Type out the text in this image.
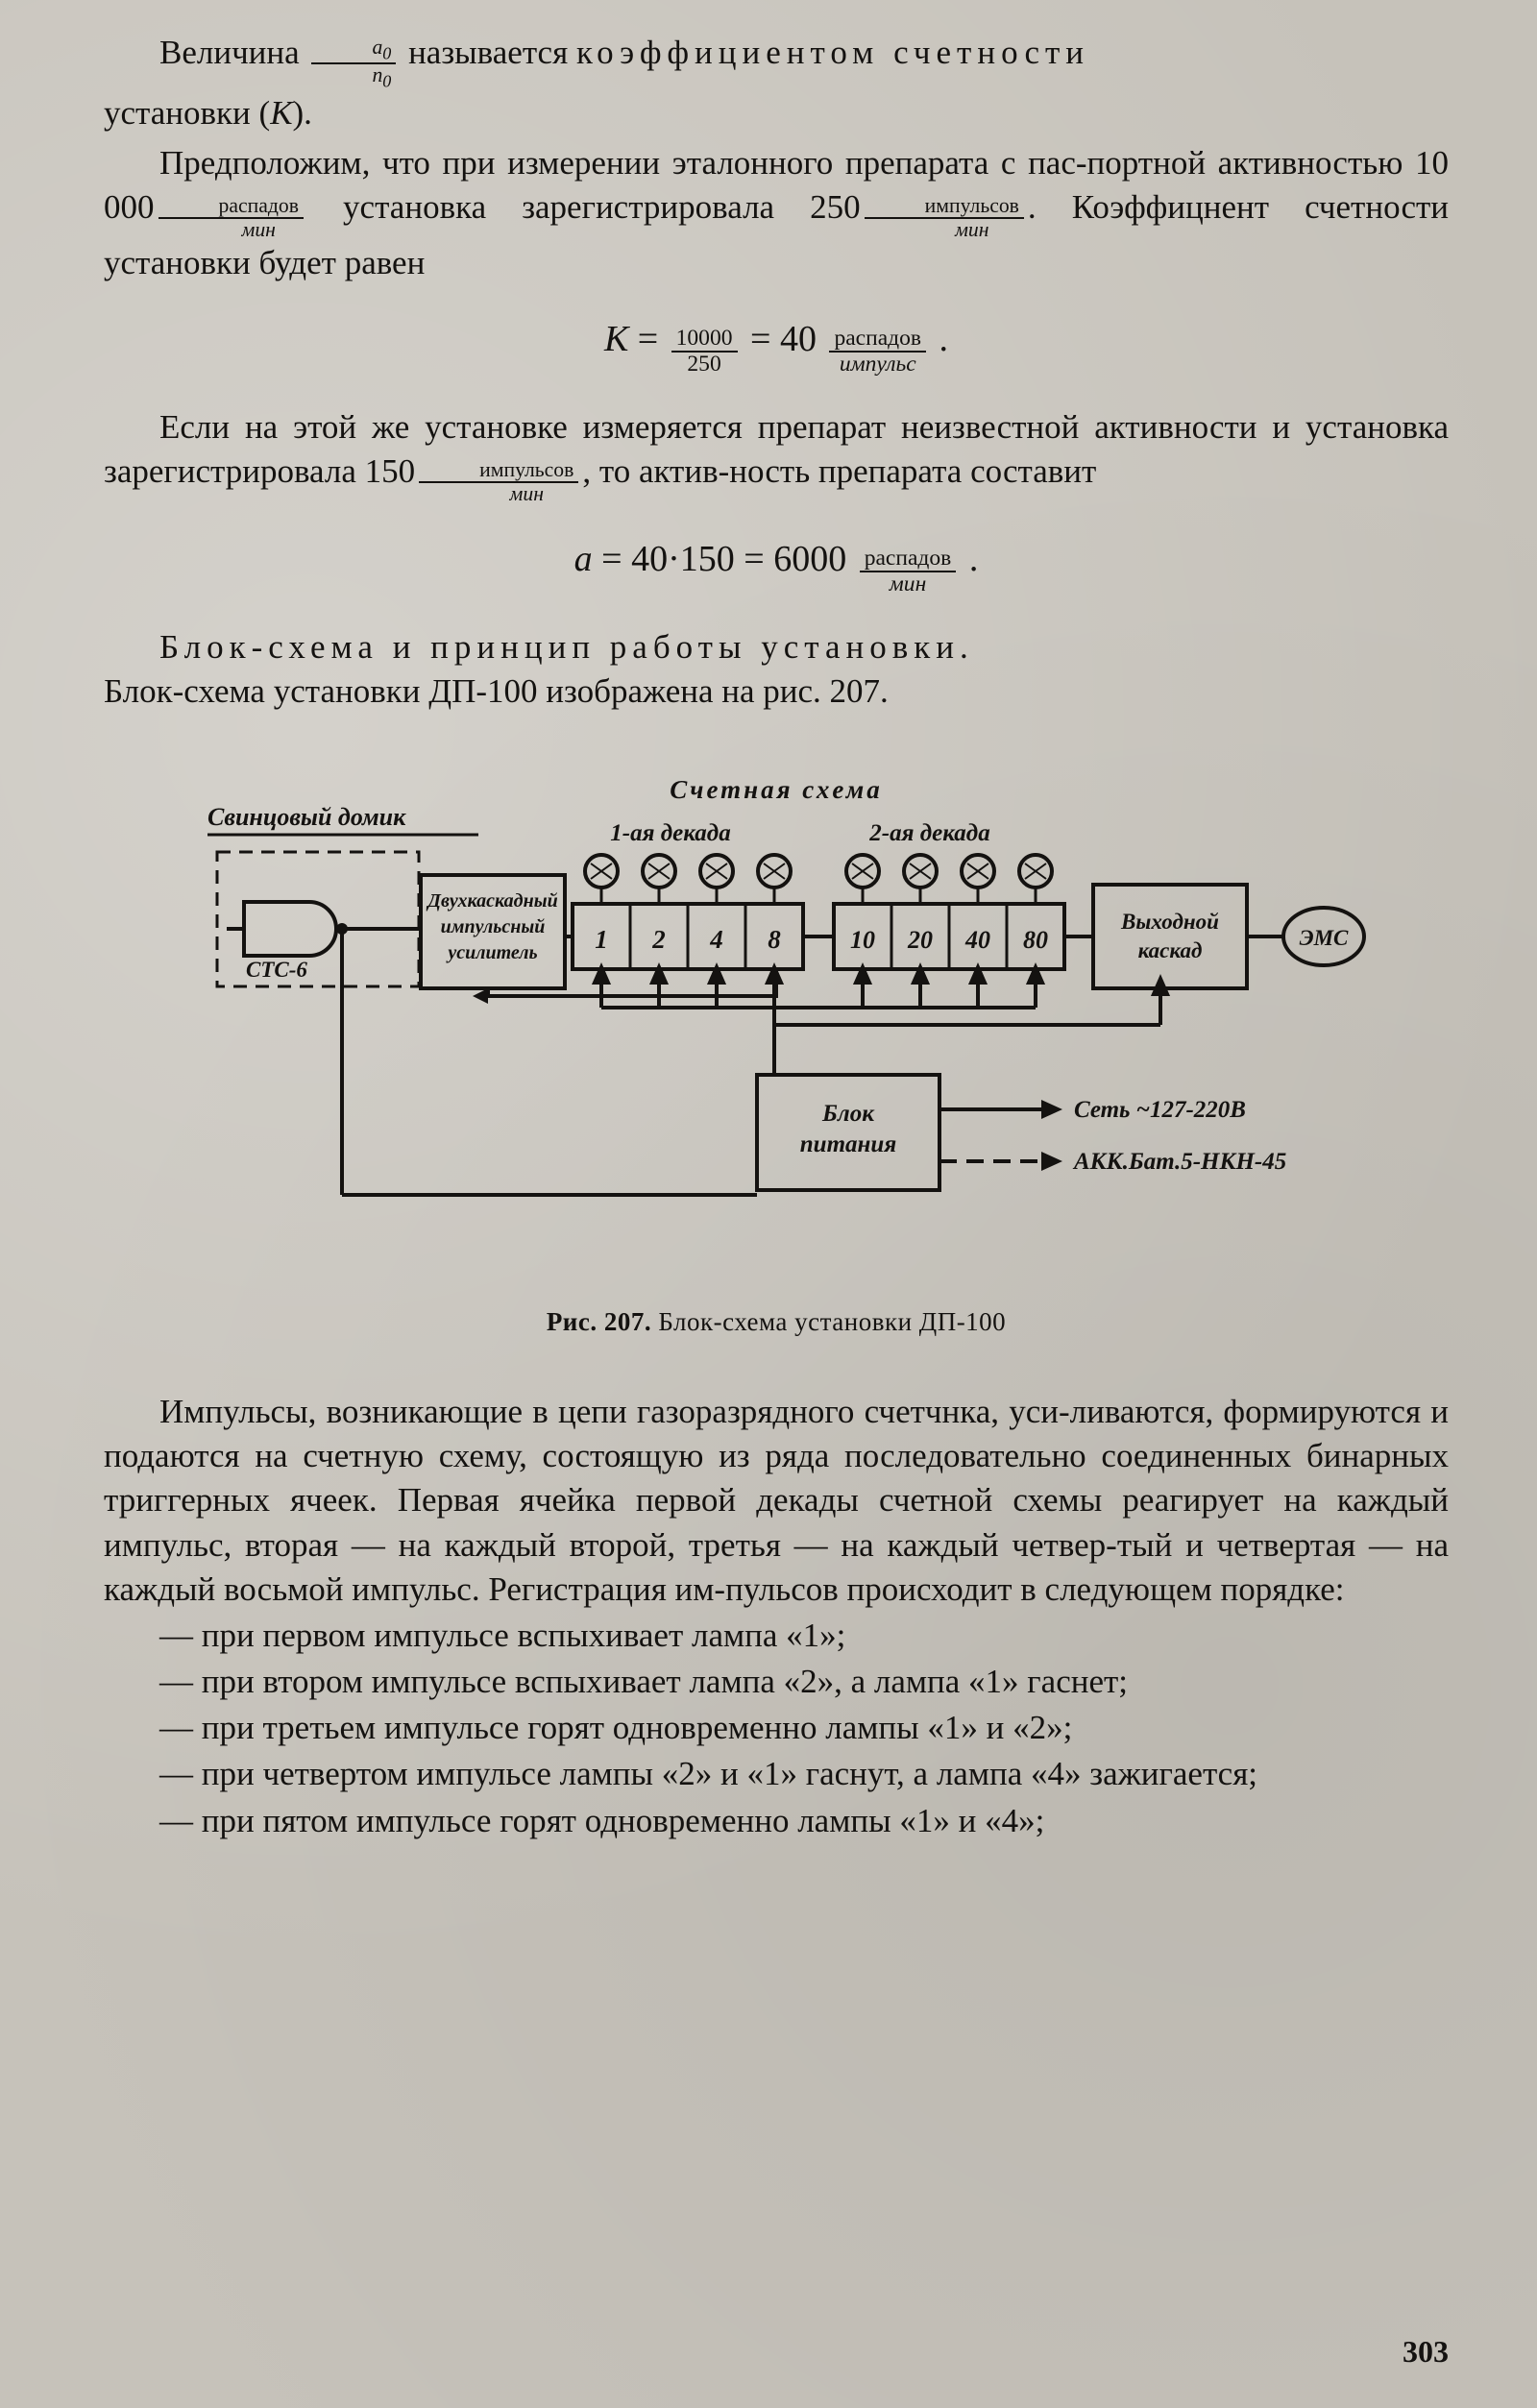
Величина $\frac{a_0}{n_0}$ называется коэффициентом счетности
установки (К).

Предположим, что при измерении эталонного препарата с пас-портной активностью 10 $000 \frac{\text{распадов}}{\text{мин}}$ установка зарегистрировала $250 \frac{\text{импульсов}}{\text{мин}}$ . Коэффицнент счетности установки будет равен

$К = \frac{10000}{250} = 40 \frac{\text{распадов}}{\text{импульс}}$ .

Если на этой же установке измеряется препарат неизвестной активности и установка зарегистрировала $150 \frac{\text{импульсов}}{\text{мин}}$ , то актив-ность препарата составит

$а = 40\cdot 150 = 6000 \frac{\text{распадов}}{\text{мин}}$ .

Блок-схема и принцип работы установки.
Блок-схема установки ДП-100 изображена на рис. 207.

Свинцовый домик
СТС-6
Двухкаскадный
импульсный
усилитель
Счетная схема
1-ая декада	2-ая декада
1 2 4 8	10 20 40 80
Выходной
каскад
ЭМС
Блок
питания
Сеть ~127-220В
АКК.Бат.5-НКН-45
Рис. 207. Блок-схема установки ДП-100

Импульсы, возникающие в цепи газоразрядного счетчнка, уси-ливаются, формируются и подаются на счетную схему, состоящую из ряда последовательно соединенных бинарных триггерных ячеек. Первая ячейка первой декады счетной схемы реагирует на каждый импульс, вторая — на каждый второй, третья — на каждый четвер-тый и четвертая — на каждый восьмой импульс. Регистрация им-пульсов происходит в следующем порядке:

— при первом импульсе вспыхивает лампа «1»;

— при втором импульсе вспыхивает лампа «2», а лампа «1» гаснет;

— при третьем импульсе горят одновременно лампы «1» и «2»;

— при четвертом импульсе лампы «2» и «1» гаснут, а лампа «4» зажигается;

— при пятом импульсе горят одновременно лампы «1» и «4»;

303
